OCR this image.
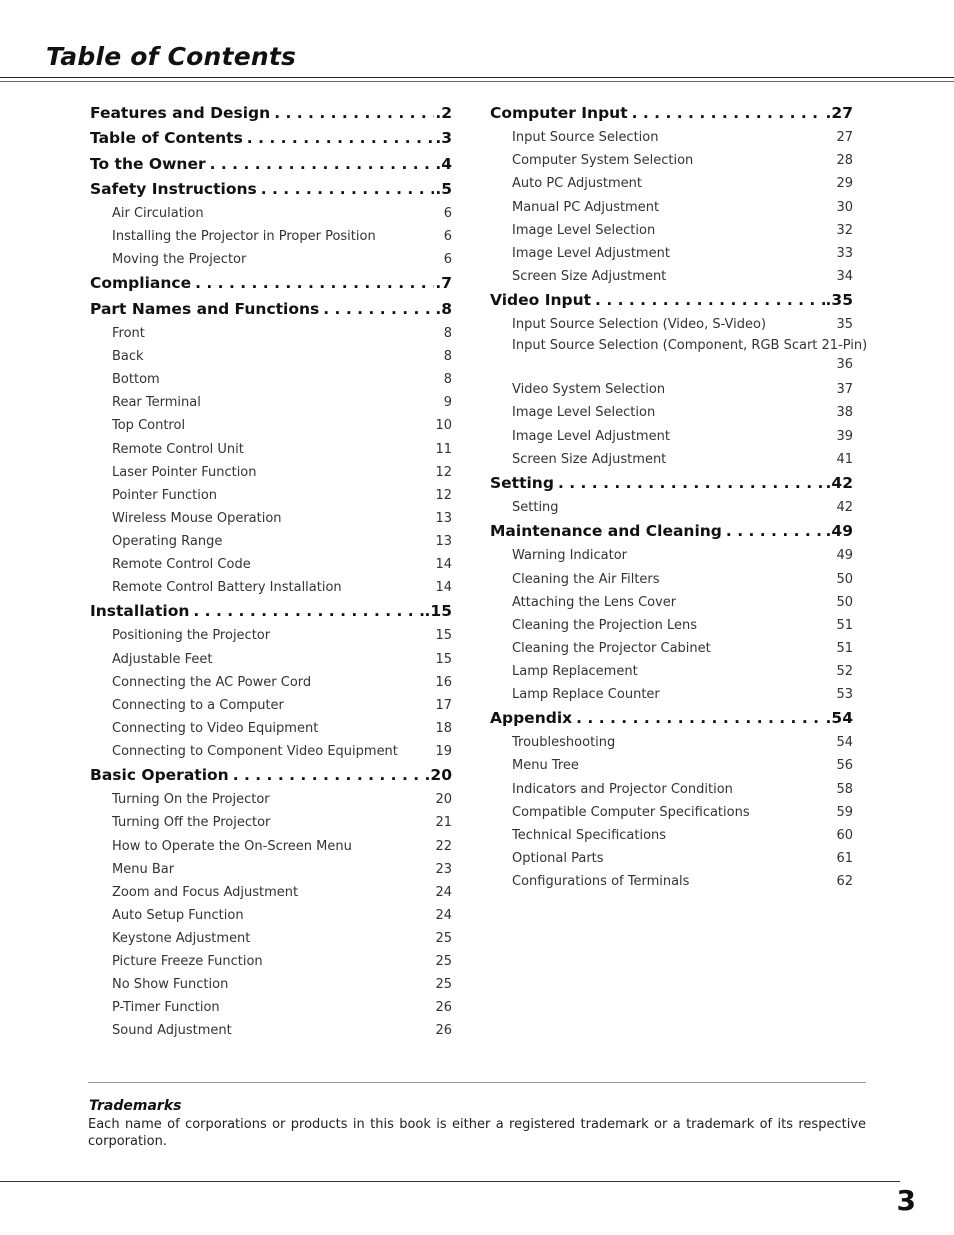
Table of Contents
Features and Design . . .	.2
Table of Contents . . .	.3
To the Owner . . .	.4
Safety Instructions . . .	.5
Air Circulation	6
Installing the Projector in Proper Position	6
Moving the Projector	6
Compliance . . .	.7
Part Names and Functions . . .	.8
Front	8
Back	8
Bottom	8
Rear Terminal	9
Top Control	10
Remote Control Unit	11
Laser Pointer Function	12
Pointer Function	12
Wireless Mouse Operation	13
Operating Range	13
Remote Control Code	14
Remote Control Battery Installation	14
Installation . . .	.15
Positioning the Projector	15
Adjustable Feet	15
Connecting the AC Power Cord	16
Connecting to a Computer	17
Connecting to Video Equipment	18
Connecting to Component Video Equipment	19
Basic Operation . . .	.20
Turning On the Projector	20
Turning Off the Projector	21
How to Operate the On-Screen Menu	22
Menu Bar	23
Zoom and Focus Adjustment	24
Auto Setup Function	24
Keystone Adjustment	25
Picture Freeze Function	25
No Show Function	25
P-Timer Function	26
Sound Adjustment	26
Computer Input . . .	.27
Input Source Selection	27
Computer System Selection	28
Auto PC Adjustment	29
Manual PC Adjustment	30
Image Level Selection	32
Image Level Adjustment	33
Screen Size Adjustment	34
Video Input . . .	.35
Input Source Selection (Video, S-Video)	35
Input Source Selection (Component, RGB Scart 21-Pin)
36
Video System Selection	37
Image Level Selection	38
Image Level Adjustment	39
Screen Size Adjustment	41
Setting . . .	.42
Setting	42
Maintenance and Cleaning . . .	.49
Warning Indicator	49
Cleaning the Air Filters	50
Attaching the Lens Cover	50
Cleaning the Projection Lens	51
Cleaning the Projector Cabinet	51
Lamp Replacement	52
Lamp Replace Counter	53
Appendix . . .	.54
Troubleshooting	54
Menu Tree	56
Indicators and Projector Condition	58
Compatible Computer Specifications	59
Technical Specifications	60
Optional Parts	61
Configurations of Terminals	62
Trademarks

Each name of corporations or products in this book is either a registered trademark or a trademark of its respective corporation.

3
